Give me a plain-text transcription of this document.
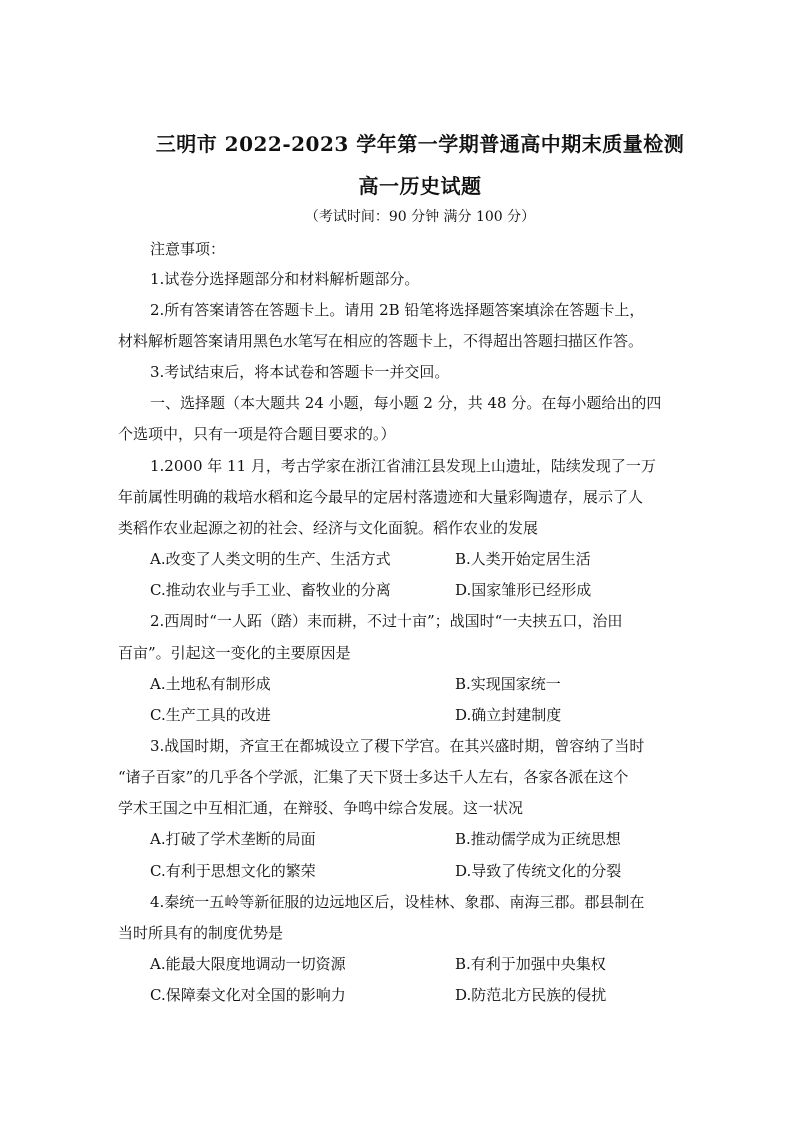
三明市 2022-2023 学年第一学期普通高中期末质量检测
高一历史试题
（考试时间：90 分钟 满分 100 分）
注意事项：
1.试卷分选择题部分和材料解析题部分。
2.所有答案请答在答题卡上。请用 2B 铅笔将选择题答案填涂在答题卡上，
材料解析题答案请用黑色水笔写在相应的答题卡上，不得超出答题扫描区作答。
3.考试结束后，将本试卷和答题卡一并交回。
一、选择题（本大题共 24 小题，每小题 2 分，共 48 分。在每小题给出的四
个选项中，只有一项是符合题目要求的。）
1.2000 年 11 月，考古学家在浙江省浦江县发现上山遗址，陆续发现了一万
年前属性明确的栽培水稻和迄今最早的定居村落遗迹和大量彩陶遗存，展示了人
类稻作农业起源之初的社会、经济与文化面貌。稻作农业的发展
A.改变了人类文明的生产、生活方式	B.人类开始定居生活
C.推动农业与手工业、畜牧业的分离	D.国家雏形已经形成
2.西周时“一人跖（踏）耒而耕，不过十亩”；战国时“一夫挟五口，治田
百亩”。引起这一变化的主要原因是
A.土地私有制形成	B.实现国家统一
C.生产工具的改进	D.确立封建制度
3.战国时期，齐宣王在都城设立了稷下学宫。在其兴盛时期，曾容纳了当时
“诸子百家”的几乎各个学派，汇集了天下贤士多达千人左右，各家各派在这个
学术王国之中互相汇通，在辩驳、争鸣中综合发展。这一状况
A.打破了学术垄断的局面	B.推动儒学成为正统思想
C.有利于思想文化的繁荣	D.导致了传统文化的分裂
4.秦统一五岭等新征服的边远地区后，设桂林、象郡、南海三郡。郡县制在
当时所具有的制度优势是
A.能最大限度地调动一切资源	B.有利于加强中央集权
C.保障秦文化对全国的影响力	D.防范北方民族的侵扰
